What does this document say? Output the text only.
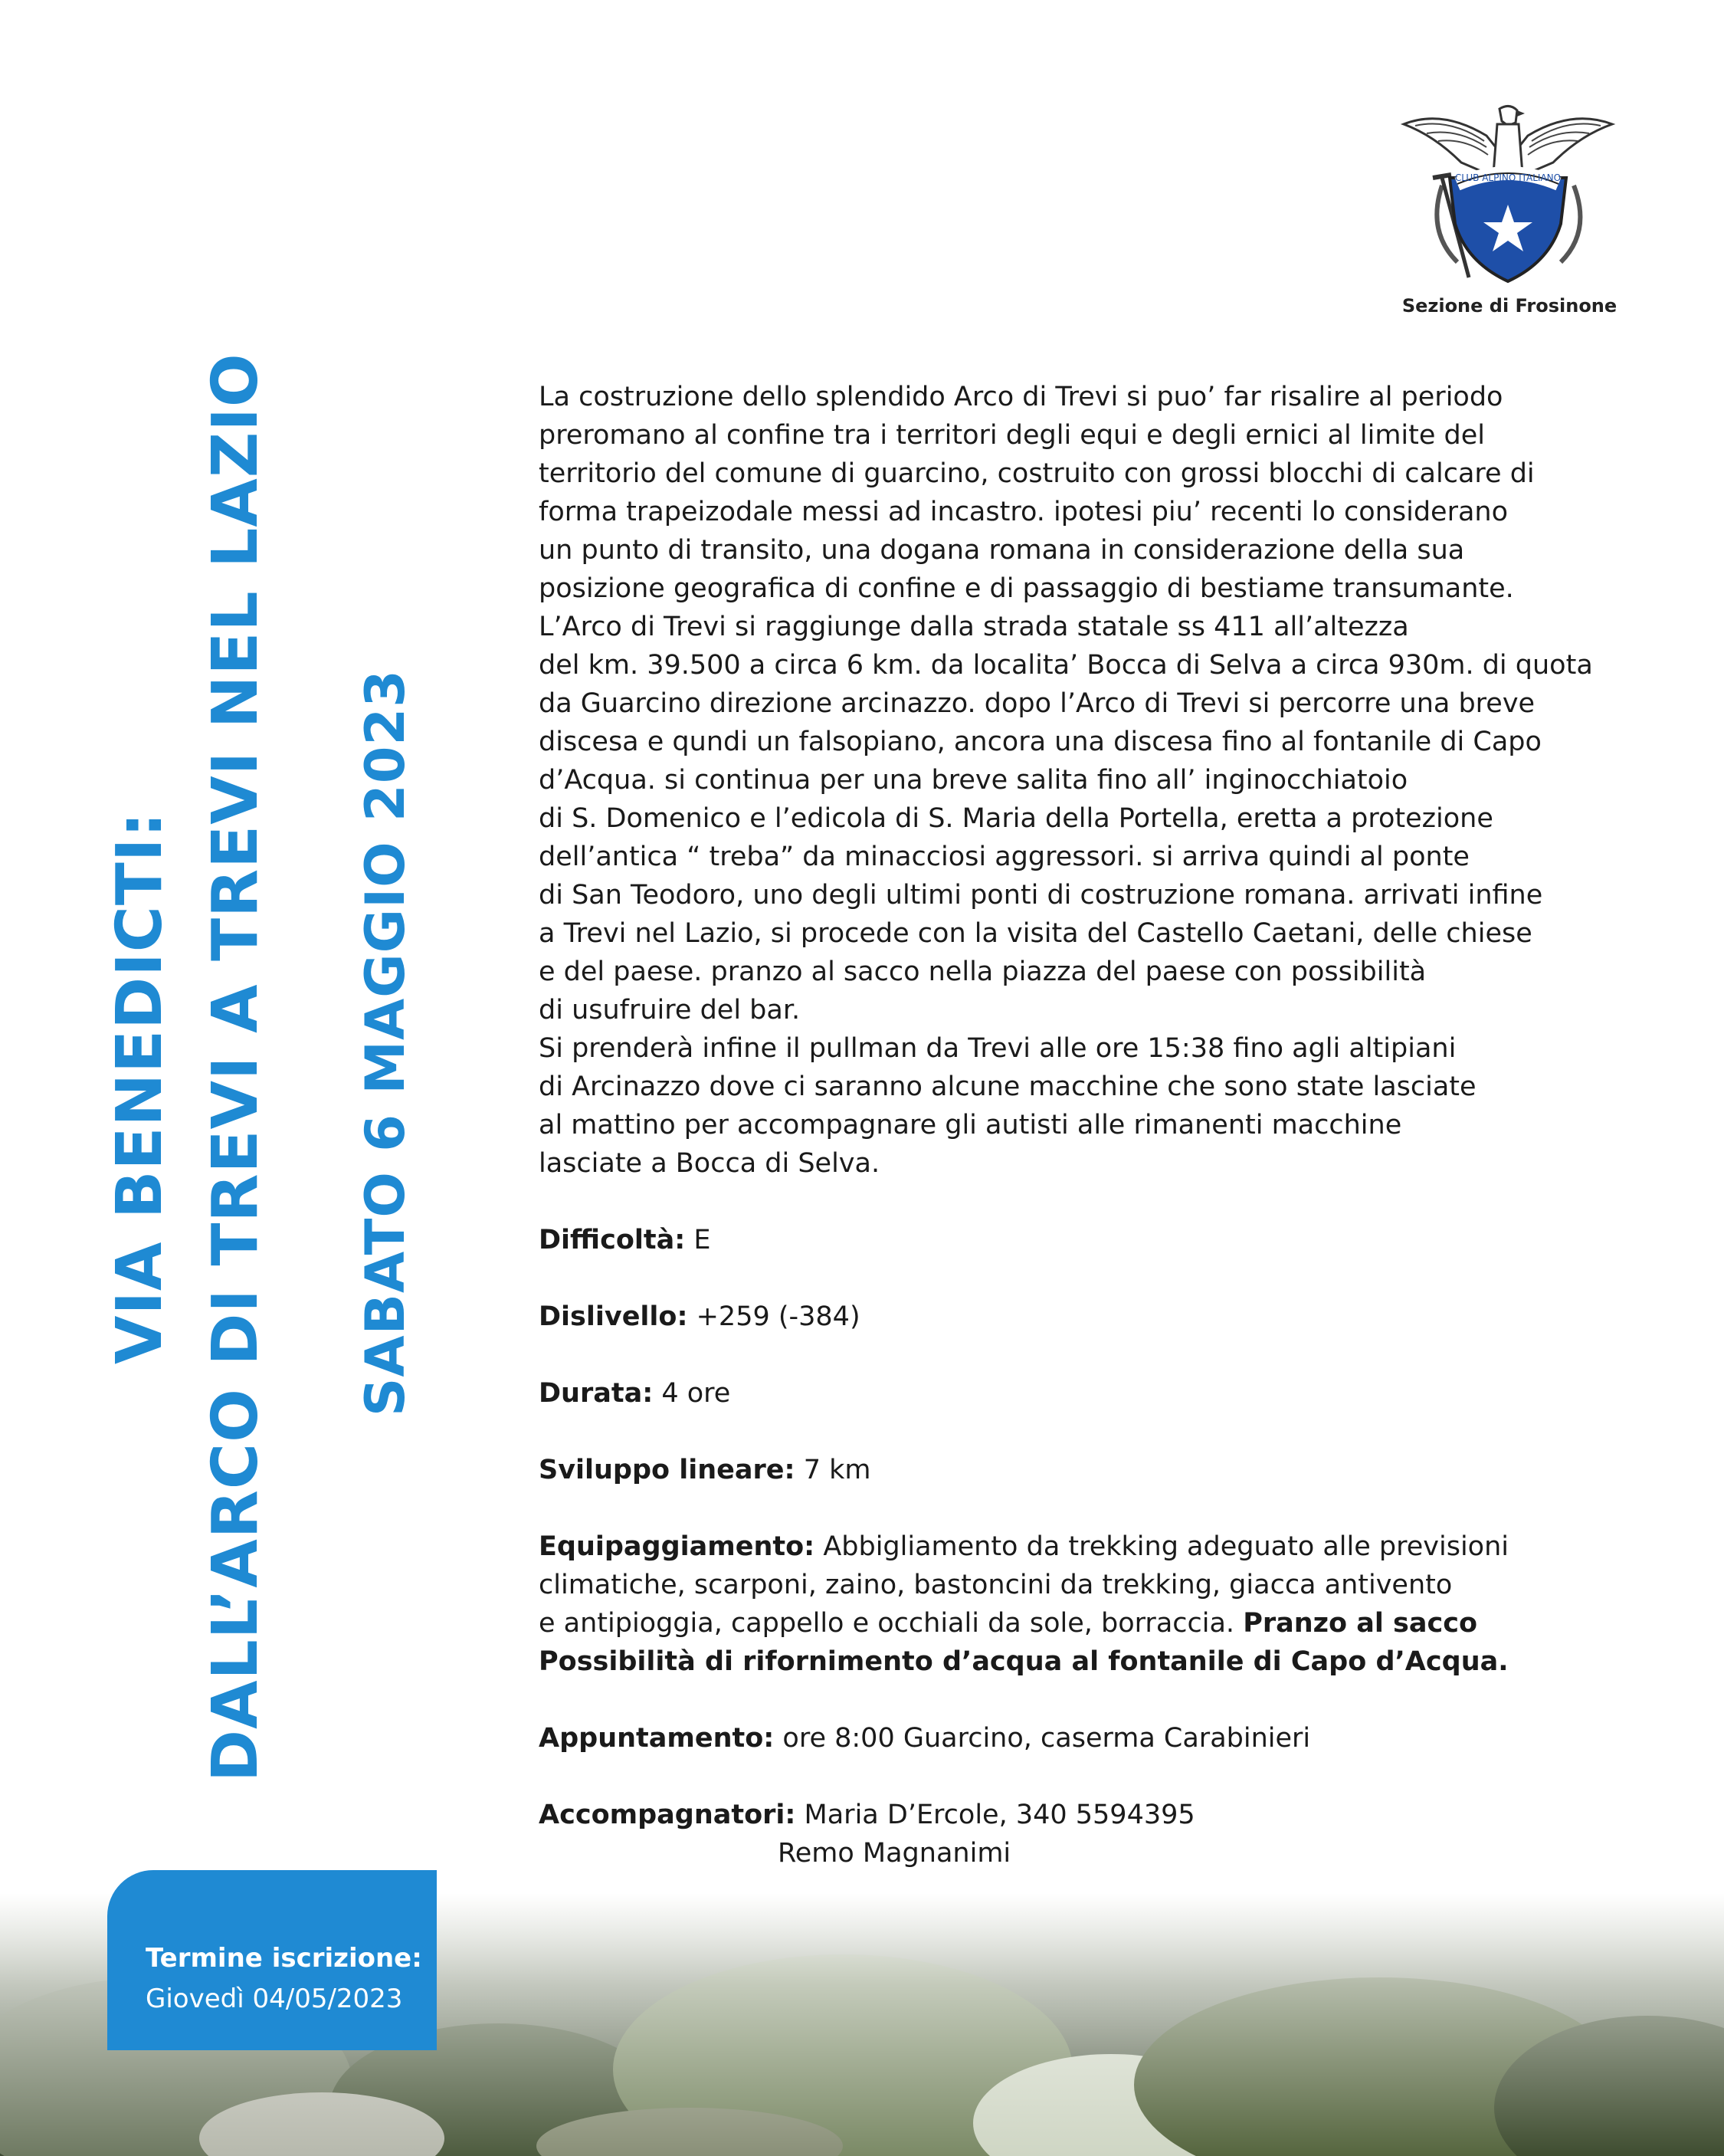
CLUB ALPINO ITALIANO
Sezione di Frosinone
VIA BENEDICTI: DALL’ARCO DI TREVI A TREVI NEL LAZIO SABATO 6 MAGGIO 2023

La costruzione dello splendido Arco di Trevi si puo’ far risalire al periodo
preromano al confine tra i territori degli equi e degli ernici al limite del
territorio del comune di guarcino, costruito con grossi blocchi di calcare di
forma trapeizodale messi ad incastro. ipotesi piu’ recenti lo considerano
un punto di transito, una dogana romana in considerazione della sua
posizione geografica di confine e di passaggio di bestiame transumante.
L’Arco di Trevi si raggiunge dalla strada statale ss 411 all’altezza
del km. 39.500 a circa 6 km. da localita’ Bocca di Selva a circa 930m. di quota
da Guarcino direzione arcinazzo. dopo l’Arco di Trevi si percorre una breve
discesa e qundi un falsopiano, ancora una discesa fino al fontanile di Capo
d’Acqua. si continua per una breve salita fino all’ inginocchiatoio
di S. Domenico e l’edicola di S. Maria della Portella, eretta a protezione
dell’antica “ treba” da minacciosi aggressori. si arriva quindi al ponte
di San Teodoro, uno degli ultimi ponti di costruzione romana. arrivati infine
a Trevi nel Lazio, si procede con la visita del Castello Caetani, delle chiese
e del paese. pranzo al sacco nella piazza del paese con possibilità
di usufruire del bar.
Si prenderà infine il pullman da Trevi alle ore 15:38 fino agli altipiani
di Arcinazzo dove ci saranno alcune macchine che sono state lasciate
al mattino per accompagnare gli autisti alle rimanenti macchine
lasciate a Bocca di Selva.

Difficoltà: E

Dislivello: +259 (-384)

Durata: 4 ore

Sviluppo lineare: 7 km

Equipaggiamento: Abbigliamento da trekking adeguato alle previsioni
climatiche, scarponi, zaino, bastoncini da trekking, giacca antivento
e antipioggia, cappello e occhiali da sole, borraccia. Pranzo al sacco
Possibilità di rifornimento d’acqua al fontanile di Capo d’Acqua.

Appuntamento: ore 8:00 Guarcino, caserma Carabinieri

Accompagnatori: Maria D’Ercole, 340 5594395
Remo Magnanimi

Termine iscrizione:
Giovedì 04/05/2023
